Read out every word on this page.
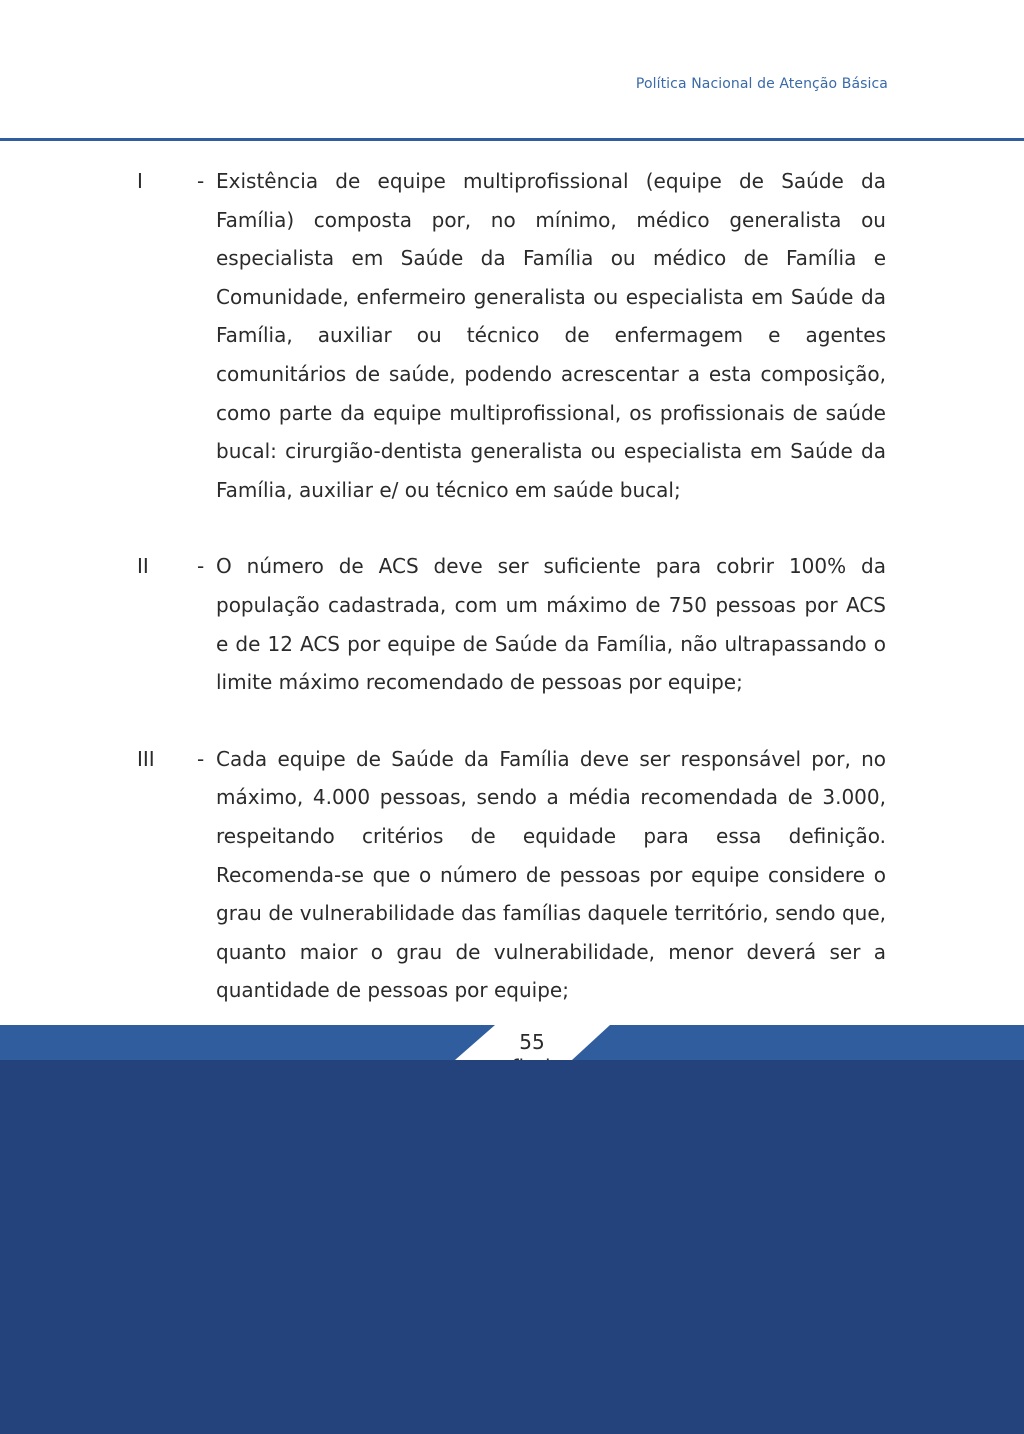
Política Nacional de Atenção Básica
I	- Existência de equipe multiprofissional (equipe de Saúde da Família) composta por, no mínimo, médico generalista ou especialista em Saúde da Família ou médico de Família e Comunidade, enfermeiro generalista ou especialista em Saúde da Família, auxiliar ou técnico de enfermagem e agentes comunitários de saúde, podendo acrescentar a esta composição, como parte da equipe multiprofissional, os profissionais de saúde bucal: cirurgião-dentista generalista ou especialista em Saúde da Família, auxiliar e/ ou técnico em saúde bucal;
II - O número de ACS deve ser suficiente para cobrir 100% da população cadastrada, com um máximo de 750 pessoas por ACS e de 12 ACS por equipe de Saúde da Família, não ultrapassando o limite máximo recomendado de pessoas por equipe;
III - Cada equipe de Saúde da Família deve ser responsável por, no máximo, 4.000 pessoas, sendo a média recomendada de 3.000, respeitando critérios de equidade para essa definição. Recomenda-se que o número de pessoas por equipe considere o grau de vulnerabilidade das famílias daquele território, sendo que, quanto maior o grau de vulnerabilidade, menor deverá ser a quantidade de pessoas por equipe;
55
